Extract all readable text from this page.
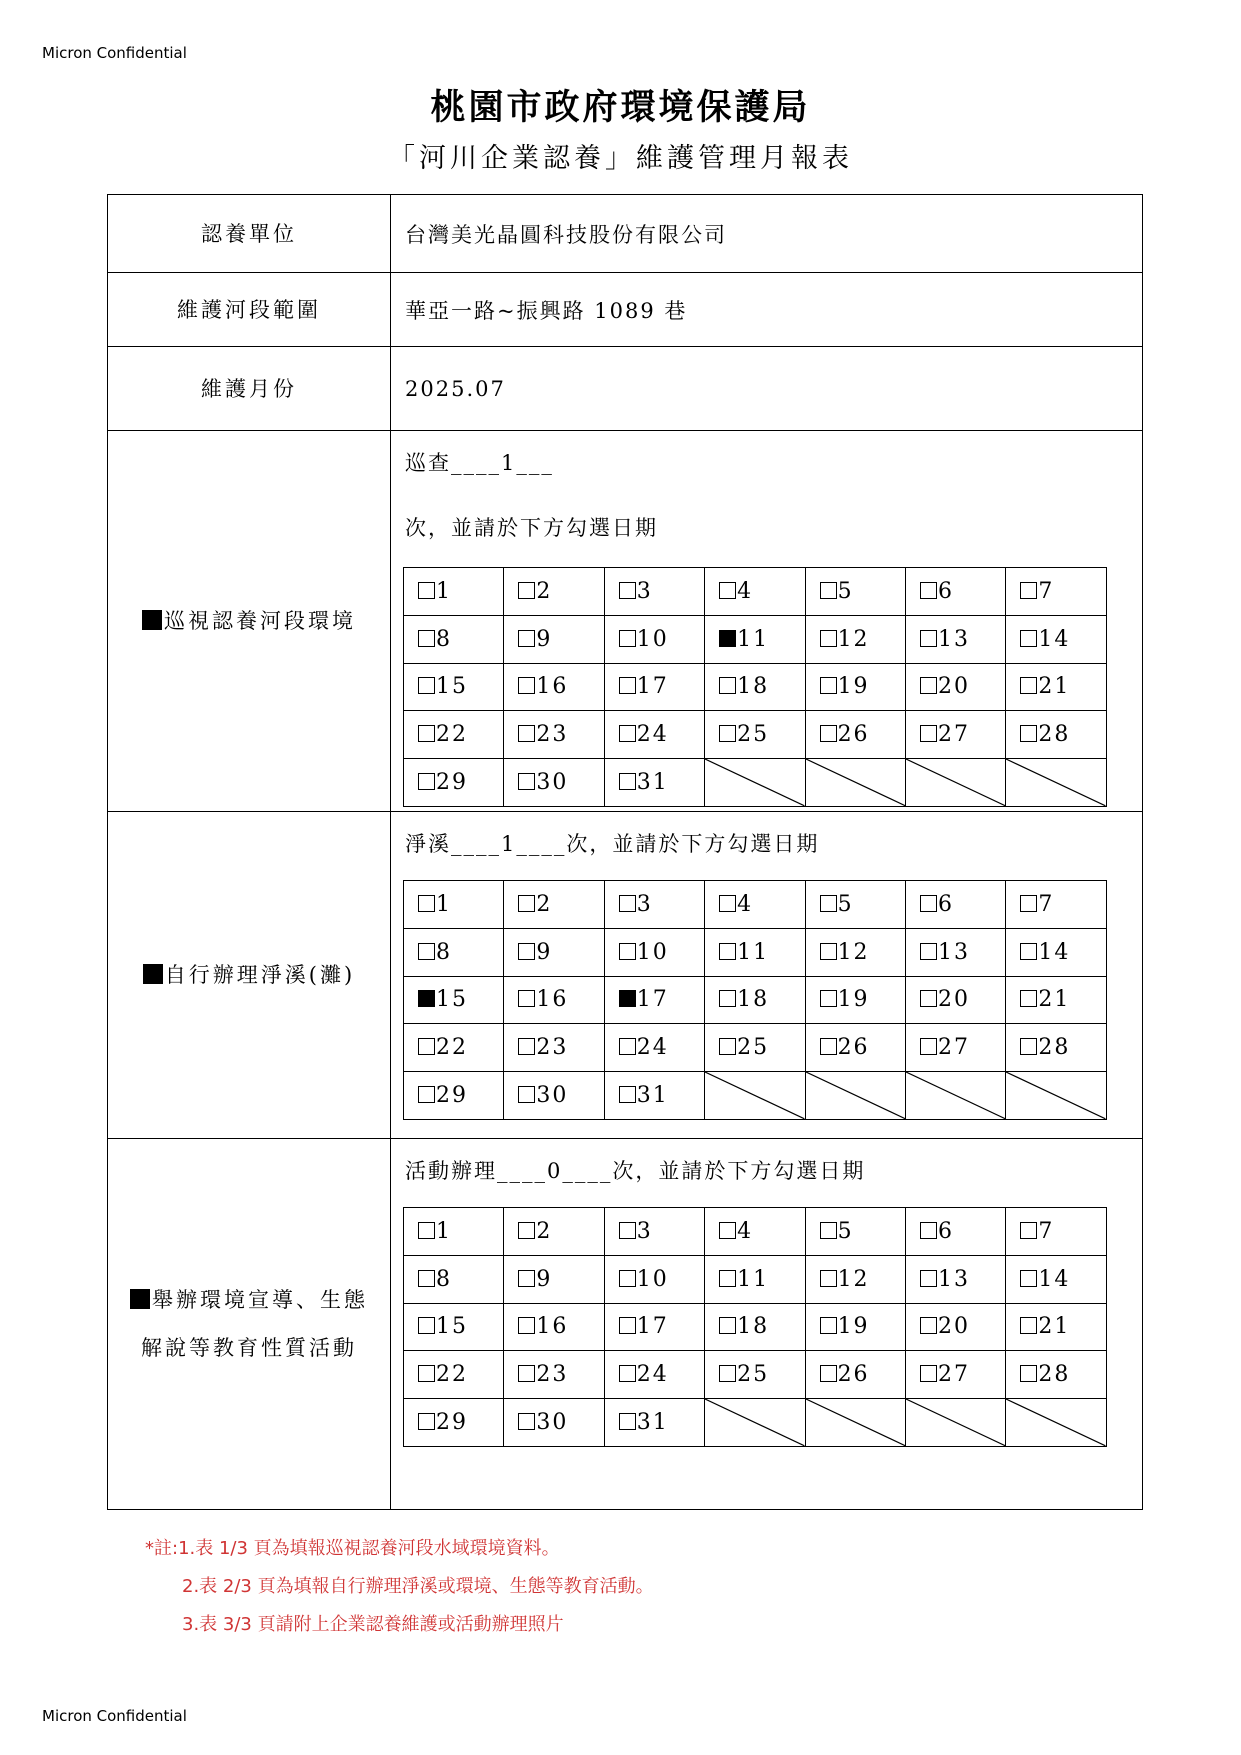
Micron Confidential
桃園市政府環境保護局
「河川企業認養」維護管理月報表
認養單位	台灣美光晶圓科技股份有限公司
維護河段範圍	華亞一路~振興路 1089 巷
維護月份	2025.07
巡視認養河段環境
巡查____1___
次，並請於下方勾選日期
1	2	3	4	5	6	7
8	9	10	11	12	13	14
15	16	17	18	19	20	21
22	23	24	25	26	27	28
29	30	31	

自行辦理淨溪(灘)
淨溪____1____次，並請於下方勾選日期
1	2	3	4	5	6	7
8	9	10	11	12	13	14
15	16	17	18	19	20	21
22	23	24	25	26	27	28
29	30	31	

舉辦環境宣導、生態
解說等教育性質活動
活動辦理____0____次，並請於下方勾選日期
1	2	3	4	5	6	7
8	9	10	11	12	13	14
15	16	17	18	19	20	21
22	23	24	25	26	27	28
29	30	31	

*註:1.表 1/3 頁為填報巡視認養河段水域環境資料。
2.表 2/3 頁為填報自行辦理淨溪或環境、生態等教育活動。
3.表 3/3 頁請附上企業認養維護或活動辦理照片
Micron Confidential
